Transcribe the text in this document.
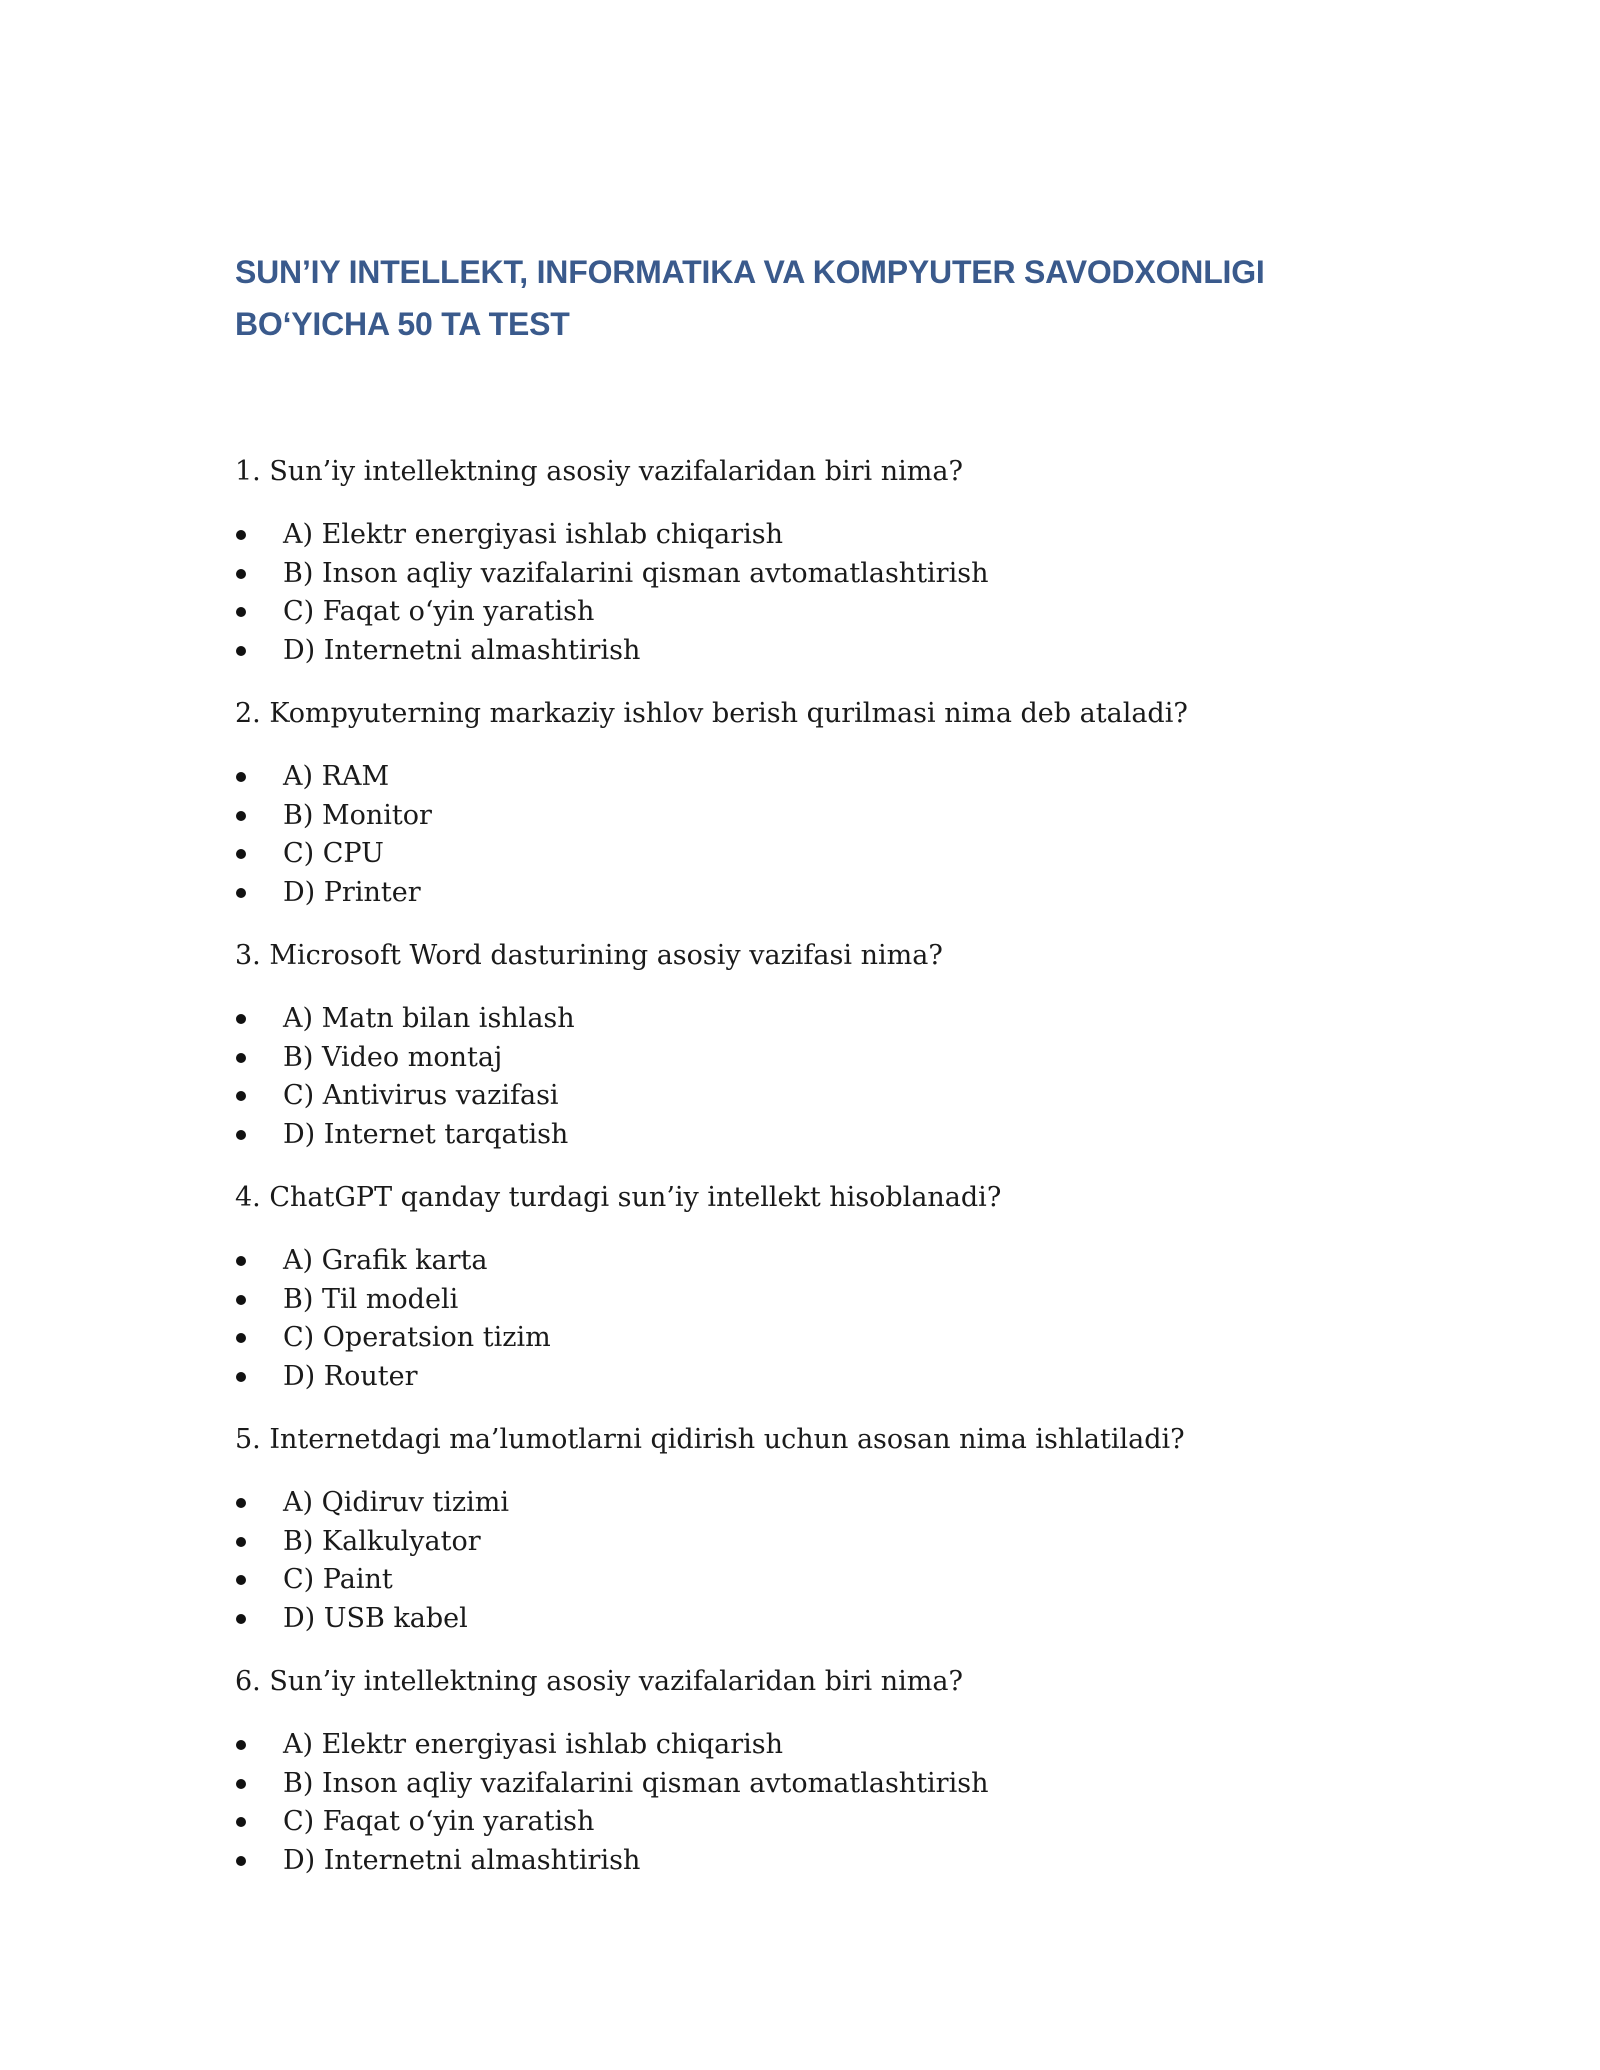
SUN’IY INTELLEKT, INFORMATIKA VA KOMPYUTER SAVODXONLIGI
BO‘YICHA 50 TA TEST

1. Sun’iy intellektning asosiy vazifalaridan biri nima?

A) Elektr energiyasi ishlab chiqarish
B) Inson aqliy vazifalarini qisman avtomatlashtirish
C) Faqat o‘yin yaratish
D) Internetni almashtirish

2. Kompyuterning markaziy ishlov berish qurilmasi nima deb ataladi?

A) RAM
B) Monitor
C) CPU
D) Printer

3. Microsoft Word dasturining asosiy vazifasi nima?

A) Matn bilan ishlash
B) Video montaj
C) Antivirus vazifasi
D) Internet tarqatish

4. ChatGPT qanday turdagi sun’iy intellekt hisoblanadi?

A) Grafik karta
B) Til modeli
C) Operatsion tizim
D) Router

5. Internetdagi ma’lumotlarni qidirish uchun asosan nima ishlatiladi?

A) Qidiruv tizimi
B) Kalkulyator
C) Paint
D) USB kabel

6. Sun’iy intellektning asosiy vazifalaridan biri nima?

A) Elektr energiyasi ishlab chiqarish
B) Inson aqliy vazifalarini qisman avtomatlashtirish
C) Faqat o‘yin yaratish
D) Internetni almashtirish
